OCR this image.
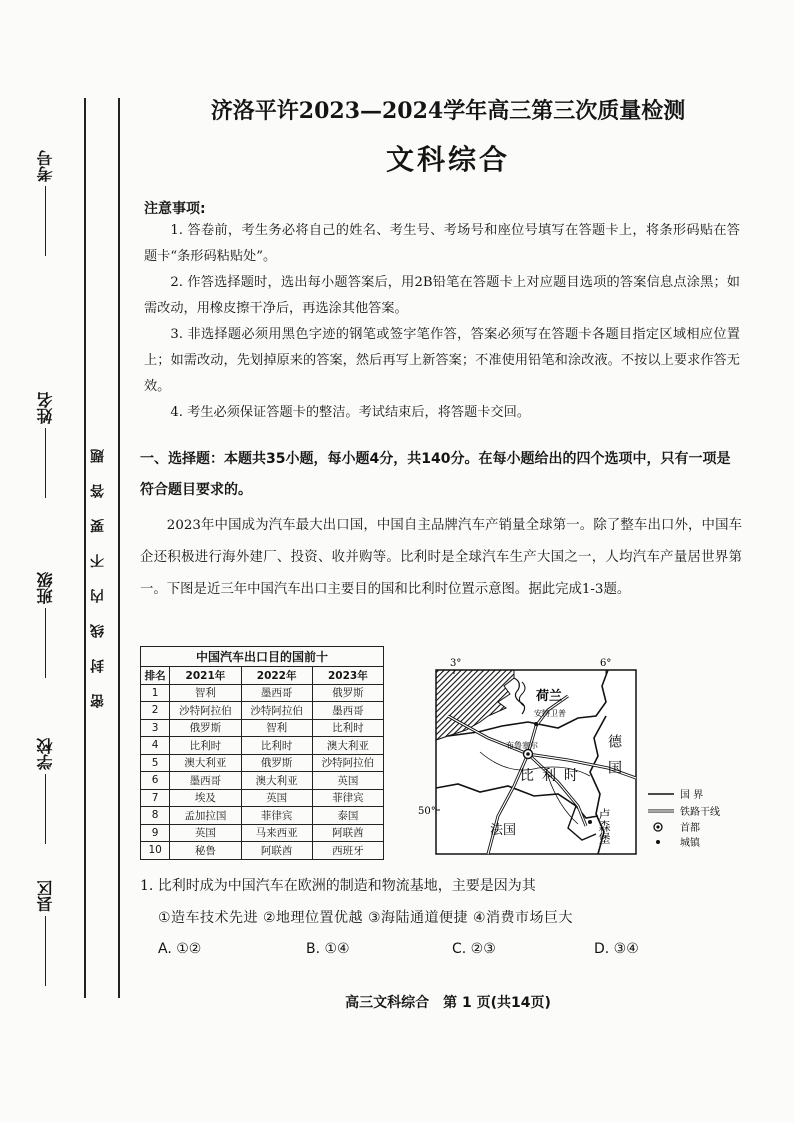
考号
姓名
班级
学校
县区
密封线内不要答题
济洛平许2023—2024学年高三第三次质量检测
文科综合
注意事项:

1. 答卷前，考生务必将自己的姓名、考生号、考场号和座位号填写在答题卡上，将条形码贴在答题卡“条形码粘贴处”。

2. 作答选择题时，选出每小题答案后，用2B铅笔在答题卡上对应题目选项的答案信息点涂黑；如需改动，用橡皮擦干净后，再选涂其他答案。

3. 非选择题必须用黑色字迹的钢笔或签字笔作答，答案必须写在答题卡各题目指定区域相应位置上；如需改动，先划掉原来的答案，然后再写上新答案；不准使用铅笔和涂改液。不按以上要求作答无效。

4. 考生必须保证答题卡的整洁。考试结束后，将答题卡交回。

一、选择题：本题共35小题，每小题4分，共140分。在每小题给出的四个选项中，只有一项是符合题目要求的。

2023年中国成为汽车最大出口国，中国自主品牌汽车产销量全球第一。除了整车出口外，中国车企还积极进行海外建厂、投资、收并购等。比利时是全球汽车生产大国之一，人均汽车产量居世界第一。下图是近三年中国汽车出口主要目的国和比利时位置示意图。据此完成1-3题。

中国汽车出口目的国前十
排名	2021年	2022年	2023年
1	智利	墨西哥	俄罗斯
2	沙特阿拉伯	沙特阿拉伯	墨西哥
3	俄罗斯	智利	比利时
4	比利时	比利时	澳大利亚
5	澳大利亚	俄罗斯	沙特阿拉伯
6	墨西哥	澳大利亚	英国
7	埃及	英国	菲律宾
8	孟加拉国	菲律宾	泰国
9	英国	马来西亚	阿联酋
10	秘鲁	阿联酋	西班牙
3°	6°
50°
荷兰
安特卫普
布鲁塞尔
比利时
法国
德国
卢森堡
国 界
铁路干线
首都
城镇
1. 比利时成为中国汽车在欧洲的制造和物流基地，主要是因为其
①造车技术先进 ②地理位置优越 ③海陆通道便捷 ④消费市场巨大
A. ①②	B. ①④	C. ②③	D. ③④
高三文科综合　第 1 页(共14页)
